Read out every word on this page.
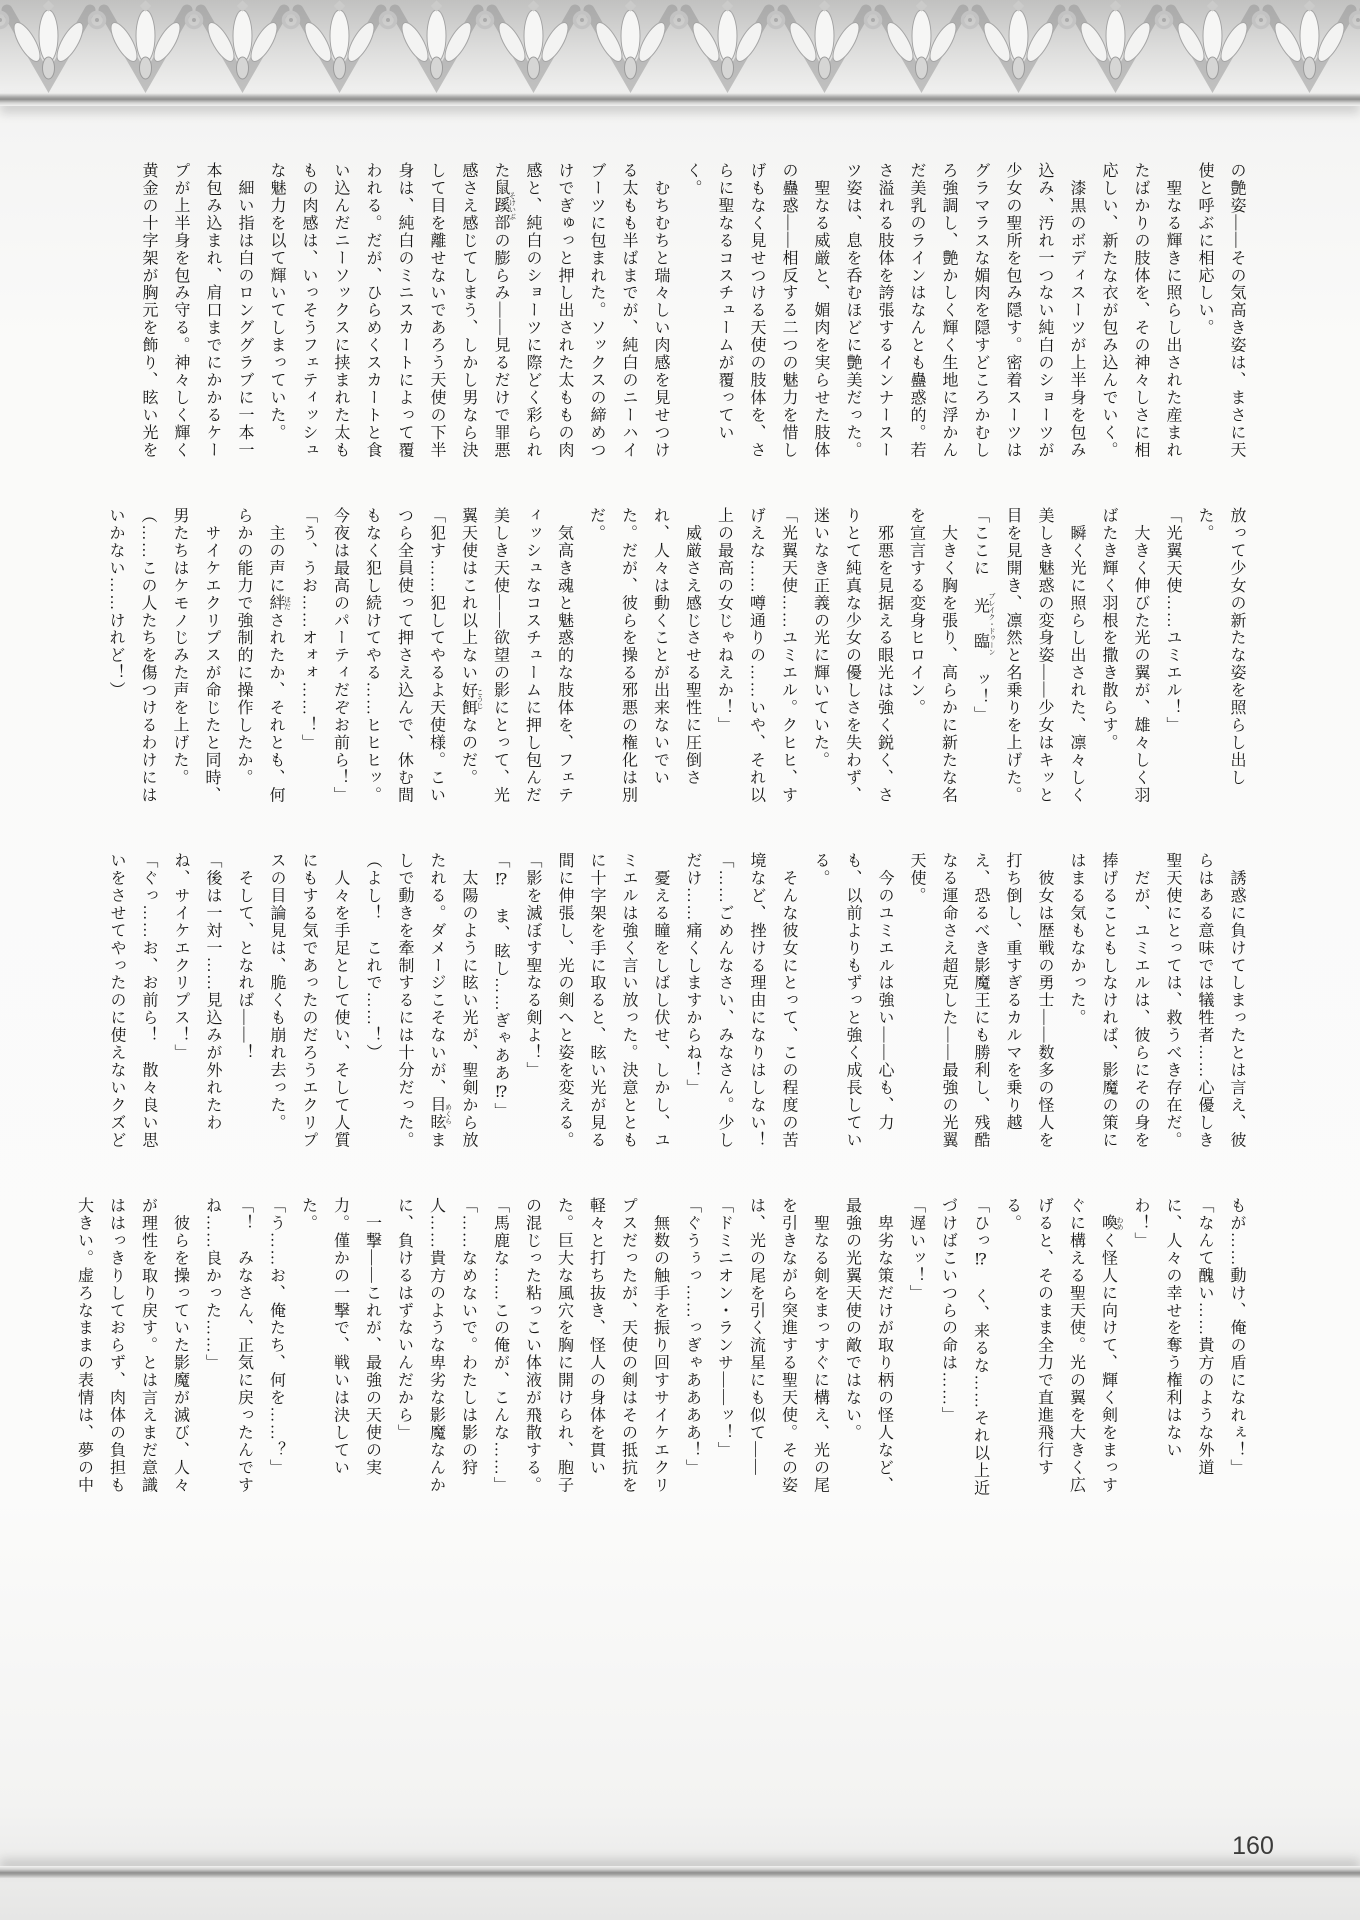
の艶姿――その気高き姿は、まさに天使と呼ぶに相応しい。

　聖なる輝きに照らし出された産まれたばかりの肢体を、その神々しさに相応しい、新たな衣が包み込んでいく。

　漆黒のボディスーツが上半身を包み込み、汚れ一つない純白のショーツが少女の聖所を包み隠す。密着スーツはグラマラスな媚肉を隠すどころかむしろ強調し、艶かしく輝く生地に浮かんだ美乳のラインはなんとも蠱惑的。若さ溢れる肢体を誇張するインナースーツ姿は、息を呑むほどに艶美だった。

　聖なる威厳と、媚肉を実らせた肢体の蠱惑――相反する二つの魅力を惜しげもなく見せつける天使の肢体を、さらに聖なるコスチュームが覆っていく。

　むちむちと瑞々しい肉感を見せつける太もも半ばまでが、純白のニーハイブーツに包まれた。ソックスの締めつけでぎゅっと押し出された太ももの肉感と、純白のショーツに際どく彩られた鼠蹊部 そけいぶの膨らみ――見るだけで罪悪感さえ感じてしまう、しかし男なら決して目を離せないであろう天使の下半身は、純白のミニスカートによって覆われる。だが、ひらめくスカートと食い込んだニーソックスに挟まれた太ももの肉感は、いっそうフェティッシュな魅力を以て輝いてしまっていた。

　細い指は白のロンググラブに一本一本包み込まれ、肩口までにかかるケープが上半身を包み守る。神々しく輝く黄金の十字架が胸元を飾り、眩い光を

放って少女の新たな姿を照らし出した。

「光翼天使……ユミエル！」

　大きく伸びた光の翼が、雄々しく羽ばたき輝く羽根を撒き散らす。

　瞬く光に照らし出された、凛々しく美しき魅惑の変身姿――少女はキッと目を見開き、凛然と名乗りを上げた。

「ここに　光　臨 ブレイク・ドゥーン　ッ！」

　大きく胸を張り、高らかに新たな名を宣言する変身ヒロイン。

　邪悪を見据える眼光は強く鋭く、さりとて純真な少女の優しさを失わず、迷いなき正義の光に輝いていた。

「光翼天使……ユミエル。クヒヒ、すげえな……噂通りの……いや、それ以上の最高の女じゃねえか！」

　威厳さえ感じさせる聖性に圧倒され、人々は動くことが出来ないでいた。だが、彼らを操る邪悪の権化は別だ。

　気高き魂と魅惑的な肢体を、フェティッシュなコスチュームに押し包んだ美しき天使――欲望の影にとって、光翼天使はこれ以上ない好餌 こうじなのだ。

「犯す……犯してやるよ天使様。こいつら全員使って押さえ込んで、休む間もなく犯し続けてやる……ヒヒヒッ。今夜は最高のパーティだぞお前ら！」

「う、うお……オォォ……！」

　主の声に絆 ほだされたか、それとも、何らかの能力で強制的に操作したか。

　サイケエクリプスが命じたと同時、男たちはケモノじみた声を上げた。

（……この人たちを傷つけるわけにはいかない……けれど！）

　誘惑に負けてしまったとは言え、彼らはある意味では犠牲者……心優しき聖天使にとっては、救うべき存在だ。

　だが、ユミエルは、彼らにその身を捧げることもしなければ、影魔の策にはまる気もなかった。

　彼女は歴戦の勇士――数多の怪人を打ち倒し、重すぎるカルマを乗り越え、恐るべき影魔王にも勝利し、残酷なる運命さえ超克した――最強の光翼天使。

　今のユミエルは強い――心も、力も、以前よりもずっと強く成長している。

　そんな彼女にとって、この程度の苦境など、挫ける理由になりはしない！

「……ごめんなさい、みなさん。少しだけ……痛くしますからね！」

　憂える瞳をしばし伏せ、しかし、ユミエルは強く言い放った。決意とともに十字架を手に取ると、眩い光が見る間に伸張し、光の剣へと姿を変える。

「影を滅ぼす聖なる剣よ！」

「⁉　ま、眩し……ぎゃああ⁉」

　太陽のように眩い光が、聖剣から放たれる。ダメージこそないが、目眩 めくらましで動きを牽制するには十分だった。

（よし！　これで……！）

　人々を手足として使い、そして人質にもする気であったのだろうエクリプスの目論見は、脆くも崩れ去った。

　そして、となれば――！

「後は一対一……見込みが外れたわね、サイケエクリプス！」

「ぐっ……お、お前ら！　散々良い思いをさせてやったのに使えないクズど

もが……動け、俺の盾になれぇ！」

「なんて醜い……貴方のような外道に、人々の幸せを奪う権利はないわ！」

　喚 わめく怪人に向けて、輝く剣をまっすぐに構える聖天使。光の翼を大きく広げると、そのまま全力で直進飛行する。

「ひっ⁉　く、来るな……それ以上近づけばこいつらの命は……」

「遅いッ！」

　卑劣な策だけが取り柄の怪人など、最強の光翼天使の敵ではない。

　聖なる剣をまっすぐに構え、光の尾を引きながら突進する聖天使。その姿は、光の尾を引く流星にも似て――

「ドミニオン・ランサ――ッ！」

「ぐうぅっ……っぎゃああああ！」

　無数の触手を振り回すサイケエクリプスだったが、天使の剣はその抵抗を軽々と打ち抜き、怪人の身体を貫いた。巨大な風穴を胸に開けられ、胞子の混じった粘っこい体液が飛散する。

「馬鹿な……この俺が、こんな……」

「……なめないで。わたしは影の狩人……貴方のような卑劣な影魔なんかに、負けるはずないんだから」

　一撃――これが、最強の天使の実力。僅かの一撃で、戦いは決していた。

「う……お、俺たち、何を……？」

「！　みなさん、正気に戻ったんですね……良かった……」

　彼らを操っていた影魔が滅び、人々が理性を取り戻す。とは言えまだ意識ははっきりしておらず、肉体の負担も大きい。虚ろなままの表情は、夢の中

160
